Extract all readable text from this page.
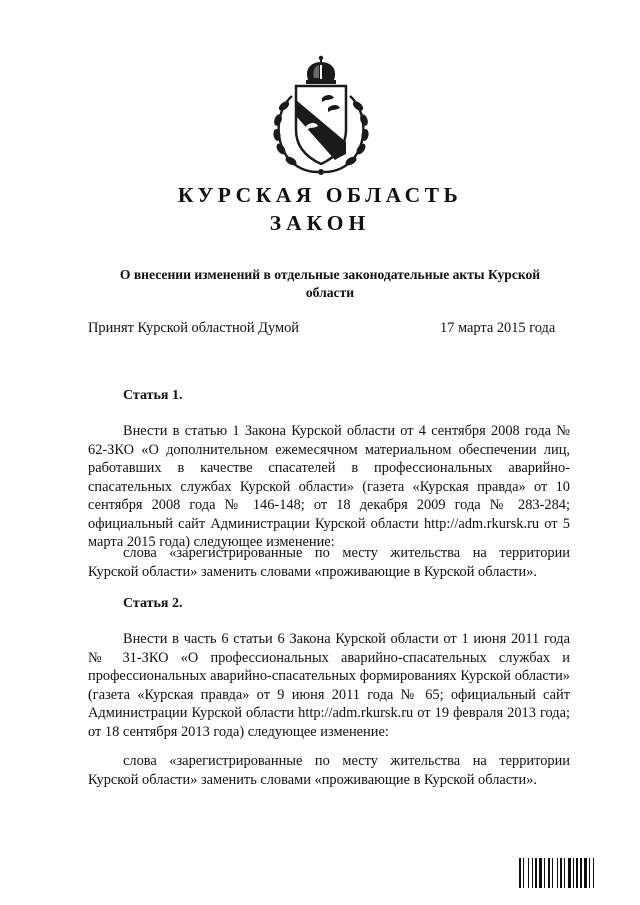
КУРСКАЯ ОБЛАСТЬ
ЗАКОН
О внесении изменений в отдельные законодательные акты Курской области
Принят Курской областной Думой	17 марта 2015 года
Статья 1.
Внести в статью 1 Закона Курской области от 4 сентября 2008 года № 62-ЗКО «О дополнительном ежемесячном материальном обеспечении лиц, работавших в качестве спасателей в профессиональных аварийно-спасательных службах Курской области» (газета «Курская правда» от 10 сентября 2008 года № 146-148; от 18 декабря 2009 года № 283-284; официальный сайт Администрации Курской области http://adm.rkursk.ru от 5 марта 2015 года) следующее изменение:
слова «зарегистрированные по месту жительства на территории Курской области» заменить словами «проживающие в Курской области».
Статья 2.
Внести в часть 6 статьи 6 Закона Курской области от 1 июня 2011 года № 31-ЗКО «О профессиональных аварийно-спасательных службах и профессиональных аварийно-спасательных формированиях Курской области» (газета «Курская правда» от 9 июня 2011 года № 65; официальный сайт Администрации Курской области http://adm.rkursk.ru от 19 февраля 2013 года; от 18 сентября 2013 года) следующее изменение:
слова «зарегистрированные по месту жительства на территории Курской области» заменить словами «проживающие в Курской области».
